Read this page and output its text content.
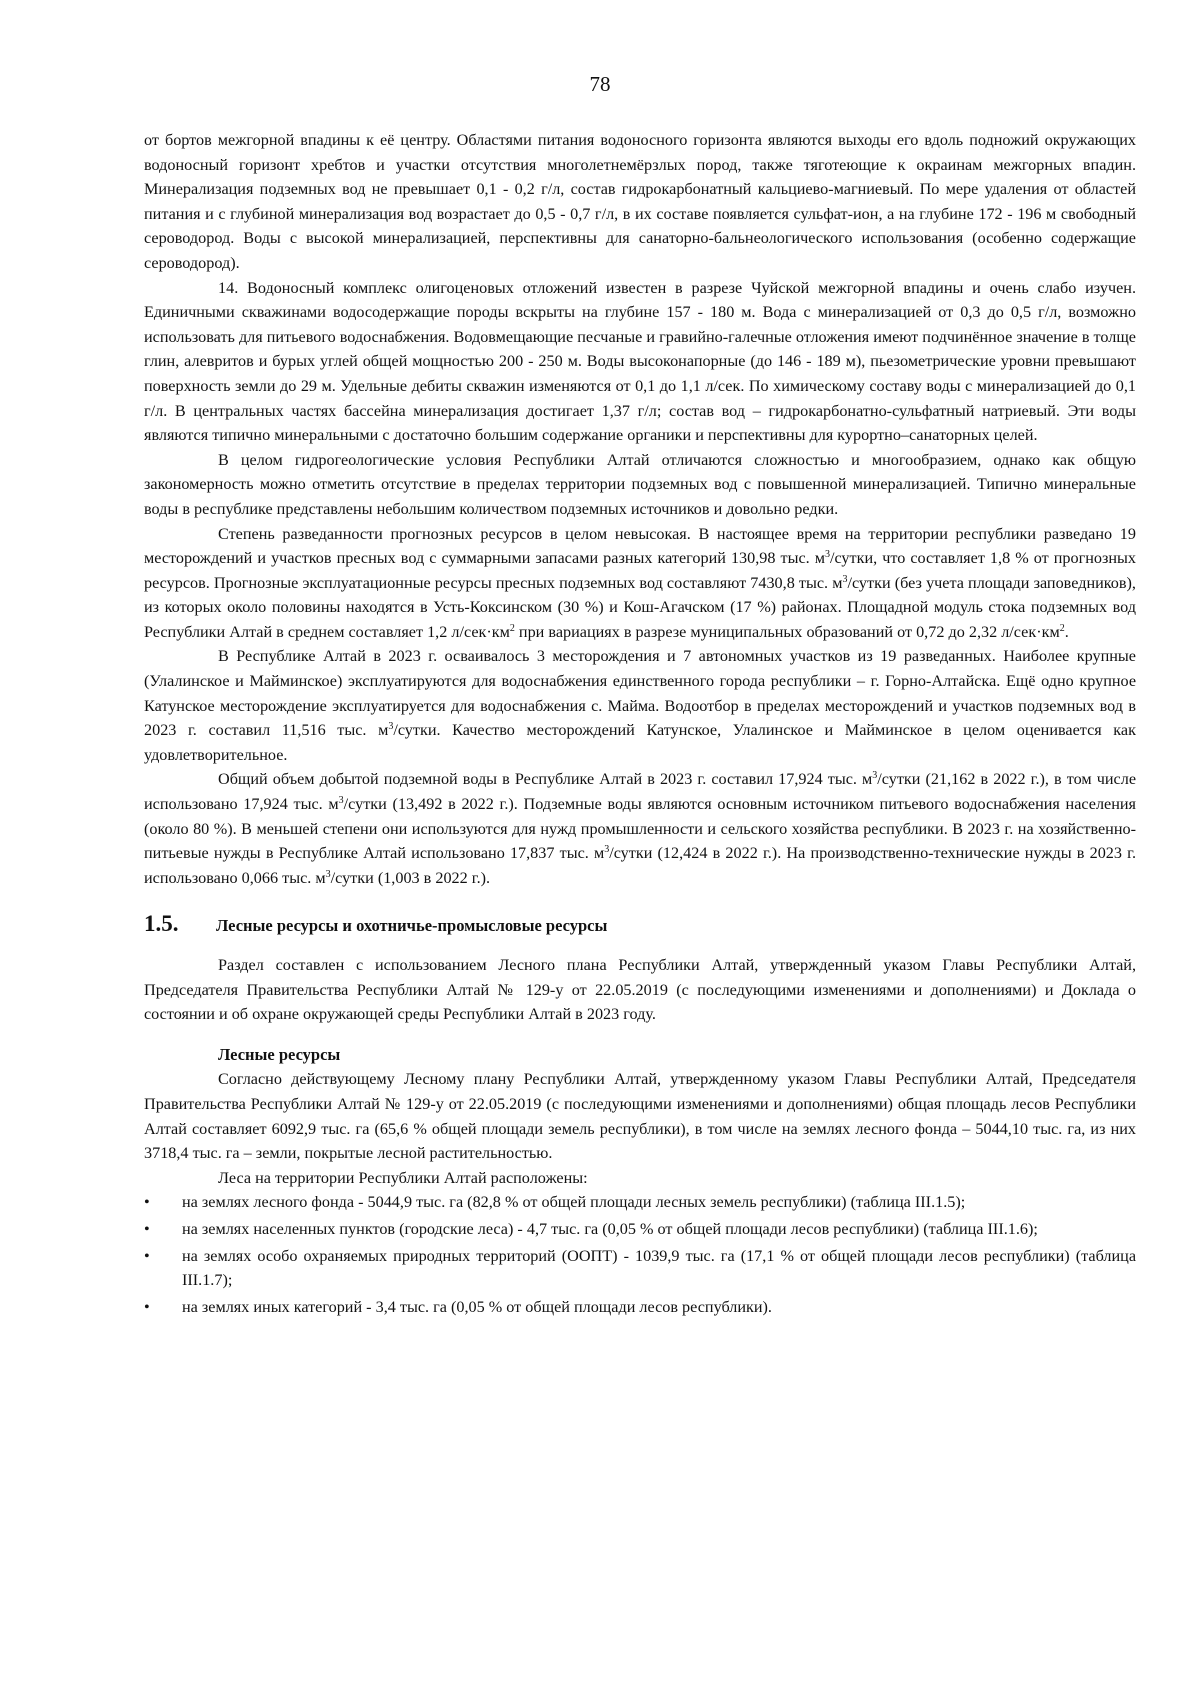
78

от бортов межгорной впадины к её центру. Областями питания водоносного горизонта являются выходы его вдоль подножий окружающих водоносный горизонт хребтов и участки отсутствия многолетнемёрзлых пород, также тяготеющие к окраинам межгорных впадин. Минерализация подземных вод не превышает 0,1 - 0,2 г/л, состав гидрокарбонатный кальциево-магниевый. По мере удаления от областей питания и с глубиной минерализация вод возрастает до 0,5 - 0,7 г/л, в их составе появляется сульфат-ион, а на глубине 172 - 196 м свободный сероводород. Воды с высокой минерализацией, перспективны для санаторно-бальнеологического использования (особенно содержащие сероводород).

14. Водоносный комплекс олигоценовых отложений известен в разрезе Чуйской межгорной впадины и очень слабо изучен. Единичными скважинами водосодержащие породы вскрыты на глубине 157 - 180 м. Вода с минерализацией от 0,3 до 0,5 г/л, возможно использовать для питьевого водоснабжения. Водовмещающие песчаные и гравийно-галечные отложения имеют подчинённое значение в толще глин, алевритов и бурых углей общей мощностью 200 - 250 м. Воды высоконапорные (до 146 - 189 м), пьезометрические уровни превышают поверхность земли до 29 м. Удельные дебиты скважин изменяются от 0,1 до 1,1 л/сек. По химическому составу воды с минерализацией до 0,1 г/л. В центральных частях бассейна минерализация достигает 1,37 г/л; состав вод – гидрокарбонатно-сульфатный натриевый. Эти воды являются типично минеральными с достаточно большим содержание органики и перспективны для курортно–санаторных целей.

В целом гидрогеологические условия Республики Алтай отличаются сложностью и многообразием, однако как общую закономерность можно отметить отсутствие в пределах территории подземных вод с повышенной минерализацией. Типично минеральные воды в республике представлены небольшим количеством подземных источников и довольно редки.

Степень разведанности прогнозных ресурсов в целом невысокая. В настоящее время на территории республики разведано 19 месторождений и участков пресных вод с суммарными запасами разных категорий 130,98 тыс. $м^3$/сутки, что составляет 1,8 % от прогнозных ресурсов. Прогнозные эксплуатационные ресурсы пресных подземных вод составляют 7430,8 тыс. $м^3$/сутки (без учета площади заповедников), из которых около половины находятся в Усть-Коксинском (30 %) и Кош-Агачском (17 %) районах. Площадной модуль стока подземных вод Республики Алтай в среднем составляет 1,2 $л/сек\cdot км^2$ при вариациях в разрезе муниципальных образований от 0,72 до 2,32 $л/сек\cdot км^2$.

В Республике Алтай в 2023 г. осваивалось 3 месторождения и 7 автономных участков из 19 разведанных. Наиболее крупные (Улалинское и Майминское) эксплуатируются для водоснабжения единственного города республики – г. Горно-Алтайска. Ещё одно крупное Катунское месторождение эксплуатируется для водоснабжения с. Майма. Водоотбор в пределах месторождений и участков подземных вод в 2023 г. составил 11,516 тыс. $м^3$/сутки. Качество месторождений Катунское, Улалинское и Майминское в целом оценивается как удовлетворительное.

Общий объем добытой подземной воды в Республике Алтай в 2023 г. составил 17,924 тыс. $м^3$/сутки (21,162 в 2022 г.), в том числе использовано 17,924 тыс. $м^3$/сутки (13,492 в 2022 г.). Подземные воды являются основным источником питьевого водоснабжения населения (около 80 %). В меньшей степени они используются для нужд промышленности и сельского хозяйства республики. В 2023 г. на хозяйственно-питьевые нужды в Республике Алтай использовано 17,837 тыс. $м^3$/сутки (12,424 в 2022 г.). На производственно-технические нужды в 2023 г. использовано 0,066 тыс. $м^3$/сутки (1,003 в 2022 г.).

1.5.	Лесные ресурсы и охотничье-промысловые ресурсы

Раздел составлен с использованием Лесного плана Республики Алтай, утвержденный указом Главы Республики Алтай, Председателя Правительства Республики Алтай № 129-у от 22.05.2019 (с последующими изменениями и дополнениями) и Доклада о состоянии и об охране окружающей среды Республики Алтай в 2023 году.

Лесные ресурсы

Согласно действующему Лесному плану Республики Алтай, утвержденному указом Главы Республики Алтай, Председателя Правительства Республики Алтай № 129-у от 22.05.2019 (с последующими изменениями и дополнениями) общая площадь лесов Республики Алтай составляет 6092,9 тыс. га (65,6 % общей площади земель республики), в том числе на землях лесного фонда – 5044,10 тыс. га, из них 3718,4 тыс. га – земли, покрытые лесной растительностью.

Леса на территории Республики Алтай расположены:

•	на землях лесного фонда - 5044,9 тыс. га (82,8 % от общей площади лесных земель республики) (таблица III.1.5);
•	на землях населенных пунктов (городские леса) - 4,7 тыс. га (0,05 % от общей площади лесов республики) (таблица III.1.6);
•	на землях особо охраняемых природных территорий (ООПТ) - 1039,9 тыс. га (17,1 % от общей площади лесов республики) (таблица III.1.7);
•	на землях иных категорий - 3,4 тыс. га (0,05 % от общей площади лесов республики).
